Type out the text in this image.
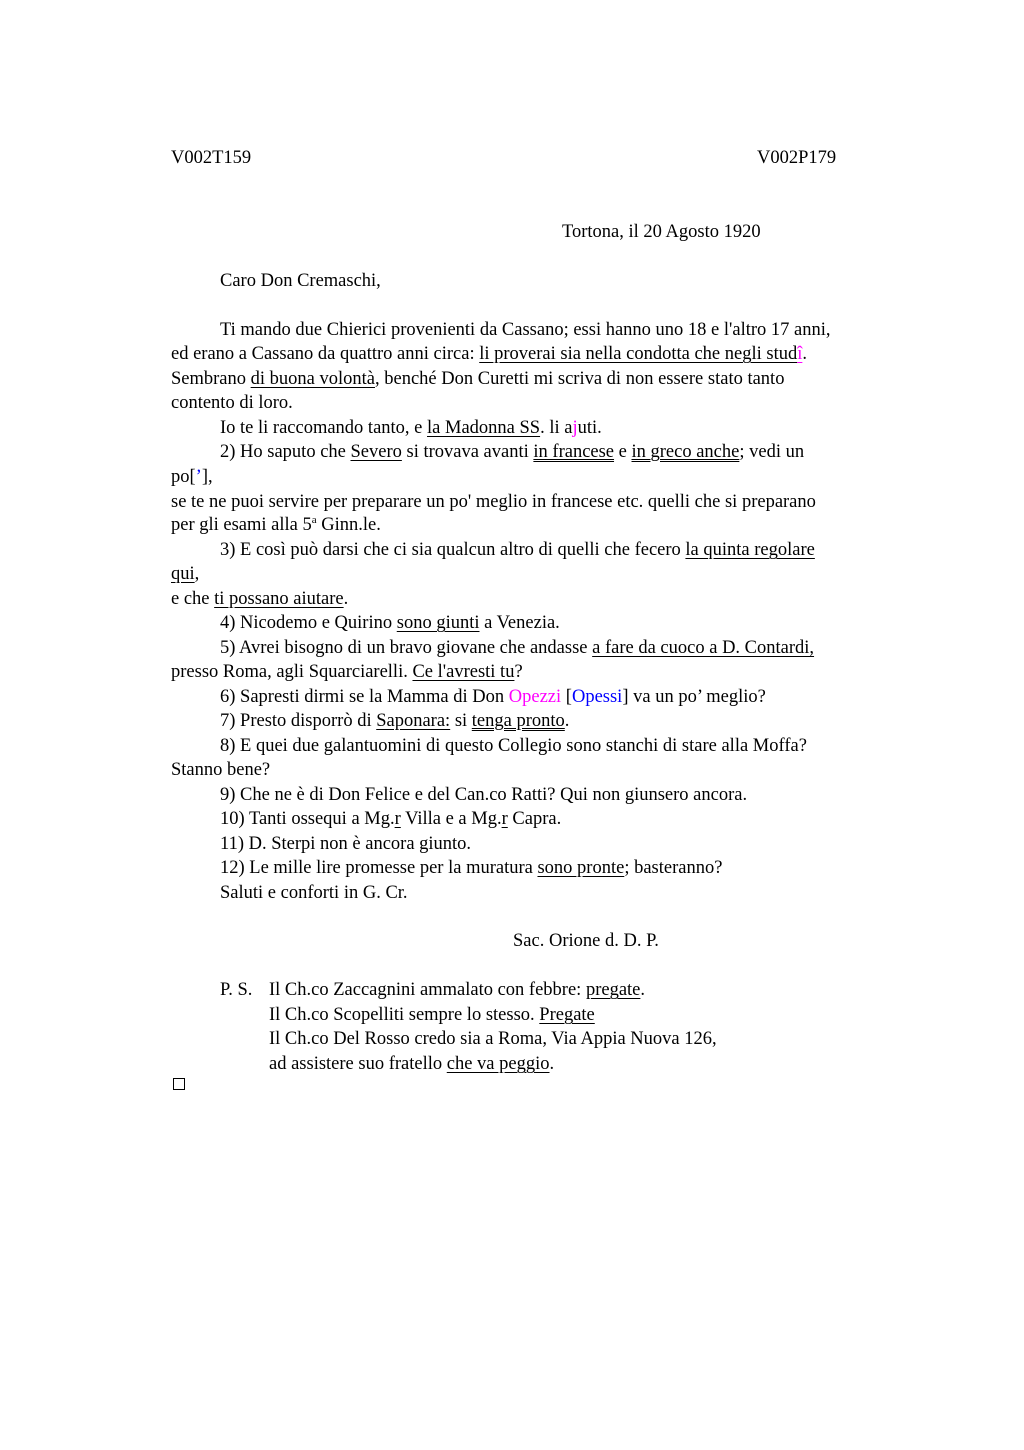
V002T159	V002P179
Tortona, il 20 Agosto 1920
Caro Don Cremaschi,
Ti mando due Chierici provenienti da Cassano; essi hanno uno 18 e l'altro 17 anni,
ed erano a Cassano da quattro anni circa: li proverai sia nella condotta che negli studî.
Sembrano di buona volontà, benché Don Curetti mi scriva di non essere stato tanto
contento di loro.
Io te li raccomando tanto, e la Madonna SS. li ajuti.
2) Ho saputo che Severo si trovava avanti in francese e in greco anche; vedi un
po[’],
se te ne puoi servire per preparare un po' meglio in francese etc. quelli che si preparano
per gli esami alla 5$^a$ Ginn.le.
3) E così può darsi che ci sia qualcun altro di quelli che fecero la quinta regolare
qui,
e che ti possano aiutare.
4) Nicodemo e Quirino sono giunti a Venezia.
5) Avrei bisogno di un bravo giovane che andasse a fare da cuoco a D. Contardi,
presso Roma, agli Squarciarelli. Ce l'avresti tu?
6) Sapresti dirmi se la Mamma di Don Opezzi [Opessi] va un po’ meglio?
7) Presto disporrò di Saponara: si tenga pronto.
8) E quei due galantuomini di questo Collegio sono stanchi di stare alla Moffa?
Stanno bene?
9) Che ne è di Don Felice e del Can.co Ratti? Qui non giunsero ancora.
10) Tanti ossequi a Mg.r Villa e a Mg.r Capra.
11) D. Sterpi non è ancora giunto.
12) Le mille lire promesse per la muratura sono pronte; basteranno?
Saluti e conforti in G. Cr.
Sac. Orione d. D. P.
P. S. Il Ch.co Zaccagnini ammalato con febbre: pregate.
Il Ch.co Scopelliti sempre lo stesso. Pregate
Il Ch.co Del Rosso credo sia a Roma, Via Appia Nuova 126,
ad assistere suo fratello che va peggio.
